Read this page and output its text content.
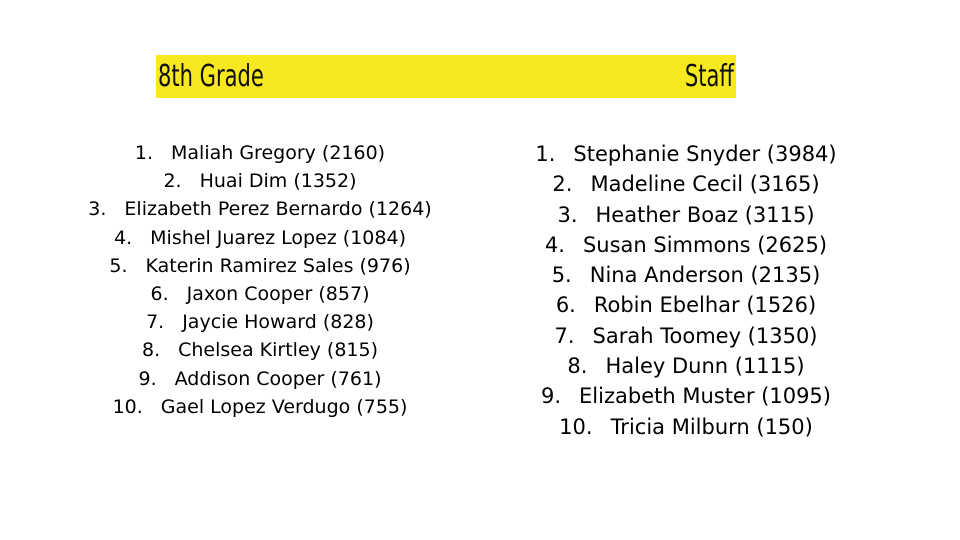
8th Grade	Staff
1. Maliah Gregory (2160)
2. Huai Dim (1352)
3. Elizabeth Perez Bernardo (1264)
4. Mishel Juarez Lopez (1084)
5. Katerin Ramirez Sales (976)
6. Jaxon Cooper (857)
7. Jaycie Howard (828)
8. Chelsea Kirtley (815)
9. Addison Cooper (761)
10. Gael Lopez Verdugo (755)
1. Stephanie Snyder (3984)
2. Madeline Cecil (3165)
3. Heather Boaz (3115)
4. Susan Simmons (2625)
5. Nina Anderson (2135)
6. Robin Ebelhar (1526)
7. Sarah Toomey (1350)
8. Haley Dunn (1115)
9. Elizabeth Muster (1095)
10. Tricia Milburn (150)
